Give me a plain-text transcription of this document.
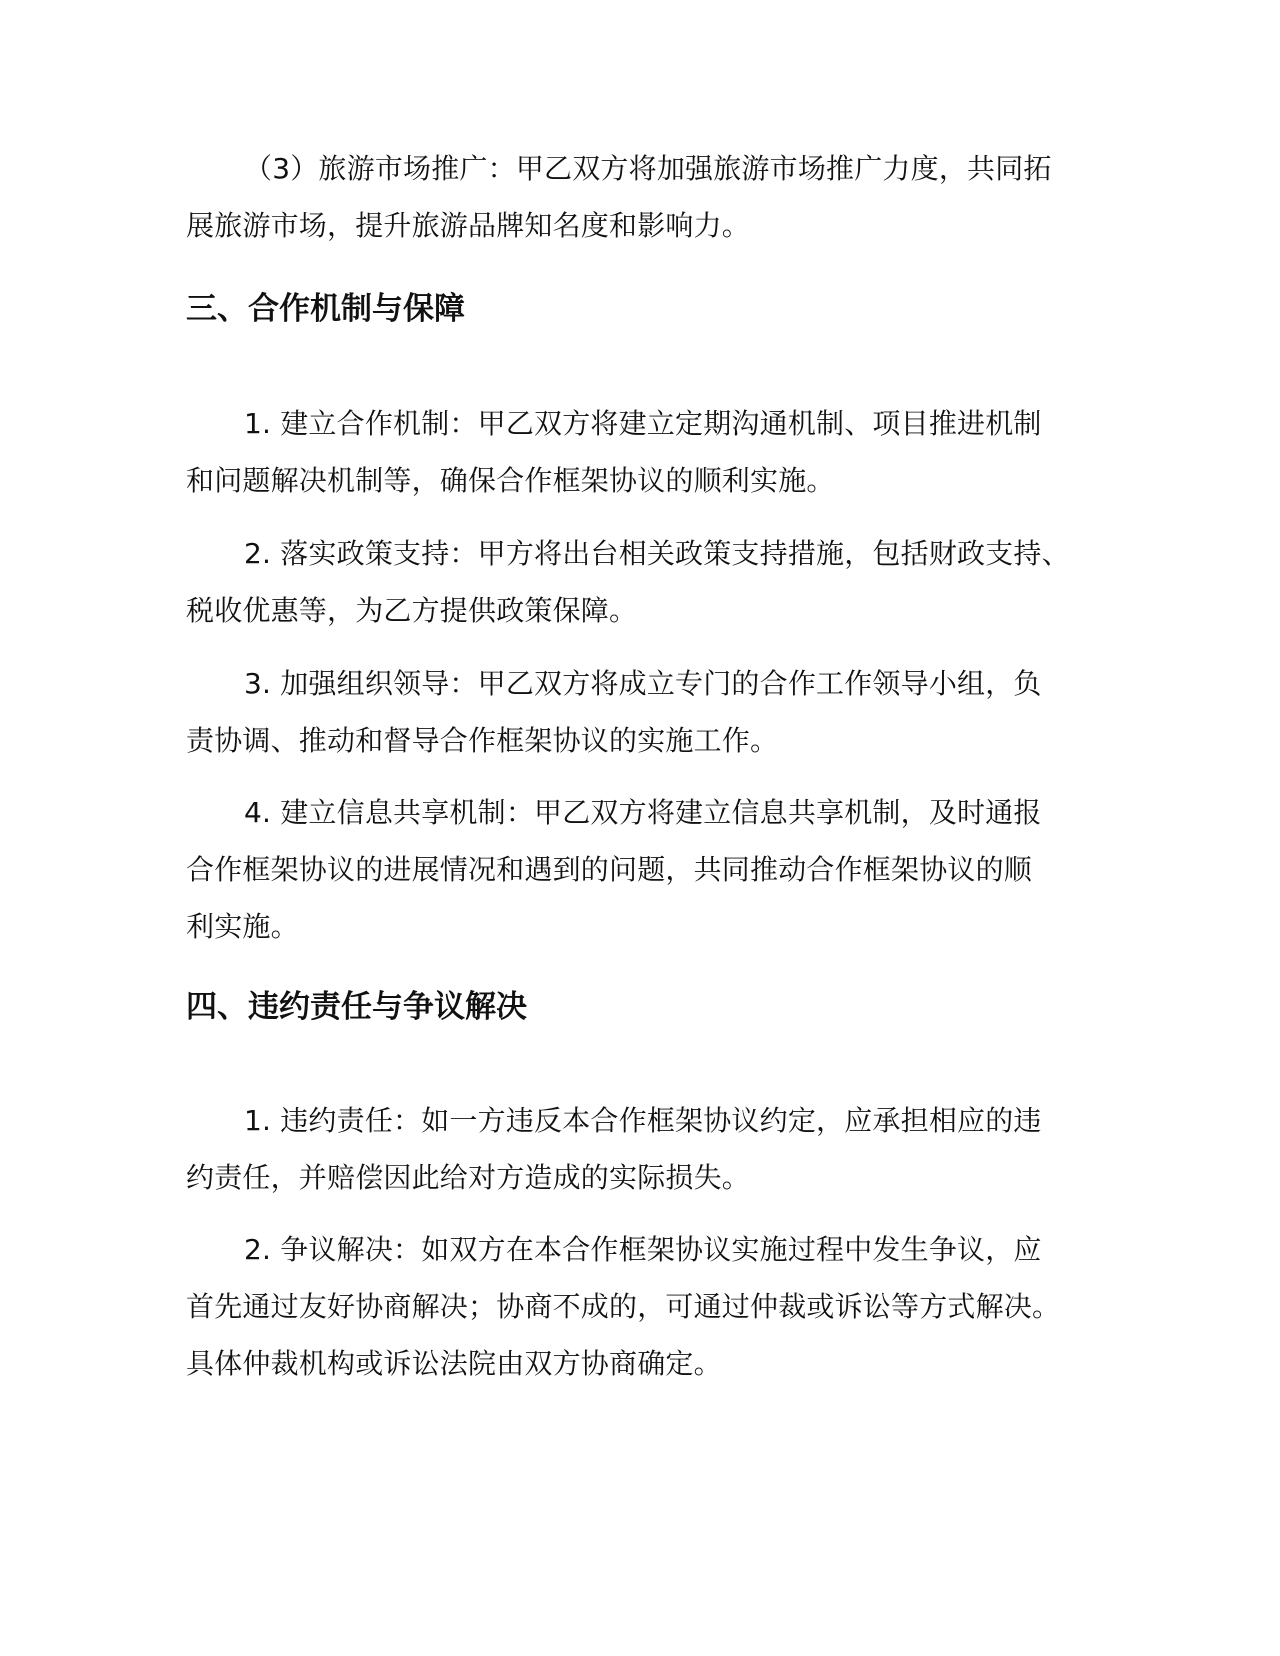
（3）旅游市场推广：甲乙双方将加强旅游市场推广力度，共同拓
展旅游市场，提升旅游品牌知名度和影响力。

三、合作机制与保障

1. 建立合作机制：甲乙双方将建立定期沟通机制、项目推进机制
和问题解决机制等，确保合作框架协议的顺利实施。

2. 落实政策支持：甲方将出台相关政策支持措施，包括财政支持、
税收优惠等，为乙方提供政策保障。

3. 加强组织领导：甲乙双方将成立专门的合作工作领导小组，负
责协调、推动和督导合作框架协议的实施工作。

4. 建立信息共享机制：甲乙双方将建立信息共享机制，及时通报
合作框架协议的进展情况和遇到的问题，共同推动合作框架协议的顺
利实施。

四、违约责任与争议解决

1. 违约责任：如一方违反本合作框架协议约定，应承担相应的违
约责任，并赔偿因此给对方造成的实际损失。

2. 争议解决：如双方在本合作框架协议实施过程中发生争议，应
首先通过友好协商解决；协商不成的，可通过仲裁或诉讼等方式解决。
具体仲裁机构或诉讼法院由双方协商确定。
